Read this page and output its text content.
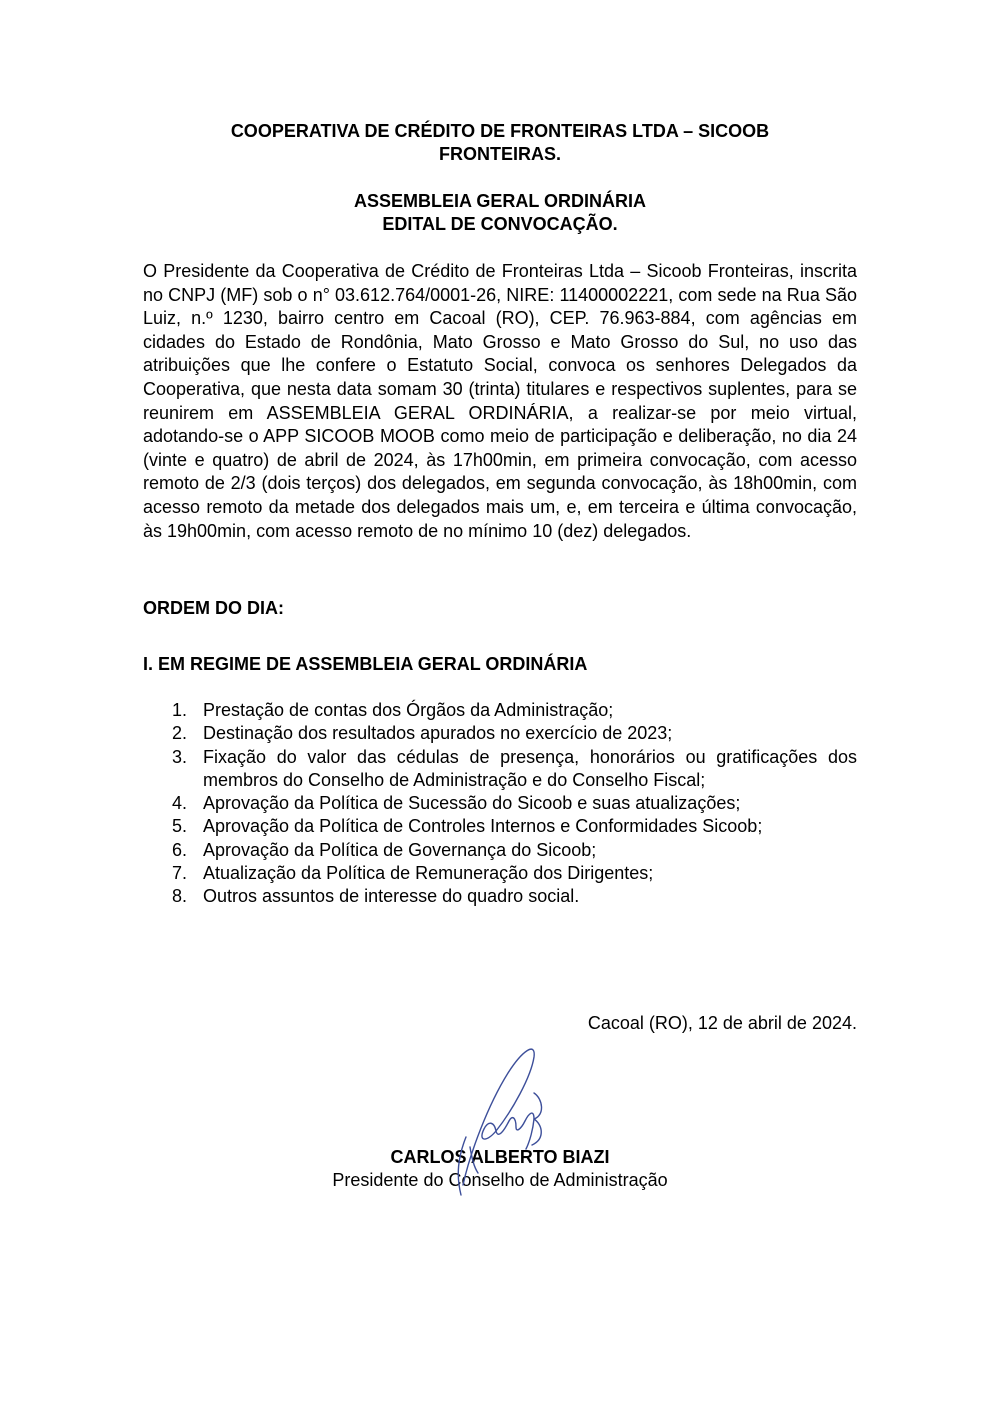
COOPERATIVA DE CRÉDITO DE FRONTEIRAS LTDA – SICOOB
FRONTEIRAS.
ASSEMBLEIA GERAL ORDINÁRIA
EDITAL DE CONVOCAÇÃO.

O Presidente da Cooperativa de Crédito de Fronteiras Ltda – Sicoob Fronteiras, inscrita no CNPJ (MF) sob o n° 03.612.764/0001-26, NIRE: 11400002221, com sede na Rua São Luiz, n.º 1230, bairro centro em Cacoal (RO), CEP. 76.963-884, com agências em cidades do Estado de Rondônia, Mato Grosso e Mato Grosso do Sul, no uso das atribuições que lhe confere o Estatuto Social, convoca os senhores Delegados da Cooperativa, que nesta data somam 30 (trinta) titulares e respectivos suplentes, para se reunirem em ASSEMBLEIA GERAL ORDINÁRIA, a realizar-se por meio virtual, adotando-se o APP SICOOB MOOB como meio de participação e deliberação, no dia 24 (vinte e quatro) de abril de 2024, às 17h00min, em primeira convocação, com acesso remoto de 2/3 (dois terços) dos delegados, em segunda convocação, às 18h00min, com acesso remoto da metade dos delegados mais um, e, em terceira e última convocação, às 19h00min, com acesso remoto de no mínimo 10 (dez) delegados.

ORDEM DO DIA:

I. EM REGIME DE ASSEMBLEIA GERAL ORDINÁRIA

1. Prestação de contas dos Órgãos da Administração;
2. Destinação dos resultados apurados no exercício de 2023;
3. Fixação do valor das cédulas de presença, honorários ou gratificações dos membros do Conselho de Administração e do Conselho Fiscal;
4. Aprovação da Política de Sucessão do Sicoob e suas atualizações;
5. Aprovação da Política de Controles Internos e Conformidades Sicoob;
6. Aprovação da Política de Governança do Sicoob;
7. Atualização da Política de Remuneração dos Dirigentes;
8. Outros assuntos de interesse do quadro social.
Cacoal (RO), 12 de abril de 2024.
CARLOS ALBERTO BIAZI
Presidente do Conselho de Administração
